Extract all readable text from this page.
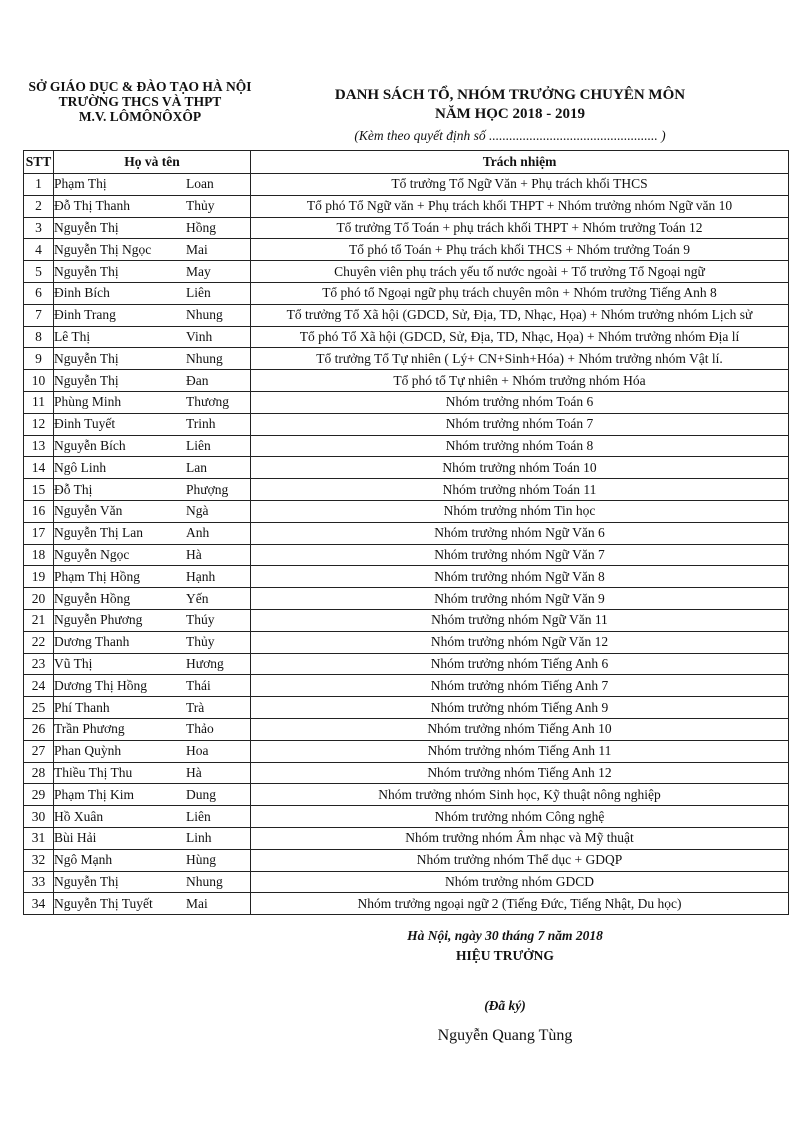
SỞ GIÁO DỤC & ĐÀO TẠO HÀ NỘI
TRƯỜNG THCS VÀ THPT
M.V. LÔMÔNÔXÔP
DANH SÁCH TỔ, NHÓM TRƯỞNG CHUYÊN MÔN
NĂM HỌC 2018 - 2019
(Kèm theo quyết định số .................................................. )
STT	Họ và tên	Trách nhiệm
1	Phạm Thị Loan	Tổ trưởng Tổ Ngữ Văn + Phụ trách khối THCS
2	Đỗ Thị Thanh Thủy	Tổ phó Tổ Ngữ văn + Phụ trách khối THPT + Nhóm trưởng nhóm Ngữ văn 10
3	Nguyễn Thị Hồng	Tổ trưởng Tổ Toán + phụ trách khối THPT + Nhóm trưởng Toán 12
4	Nguyễn Thị Ngọc Mai	Tổ phó tổ Toán + Phụ trách khối THCS + Nhóm trưởng Toán 9
5	Nguyễn Thị May	Chuyên viên phụ trách yếu tố nước ngoài + Tổ trưởng Tổ Ngoại ngữ
6	Đinh Bích Liên	Tổ phó tổ Ngoại ngữ phụ trách chuyên môn + Nhóm trưởng Tiếng Anh 8
7	Đinh Trang Nhung	Tổ trưởng Tổ Xã hội (GDCD, Sử, Địa, TD, Nhạc, Họa) + Nhóm trưởng nhóm Lịch sử
8	Lê Thị Vinh	Tổ phó Tổ Xã hội (GDCD, Sử, Địa, TD, Nhạc, Họa) + Nhóm trưởng nhóm Địa lí
9	Nguyễn Thị Nhung	Tổ trưởng Tổ Tự nhiên ( Lý+ CN+Sinh+Hóa) + Nhóm trưởng nhóm Vật lí.
10	Nguyễn Thị Đan	Tổ phó tổ Tự nhiên + Nhóm trưởng nhóm Hóa
11	Phùng Minh Thương	Nhóm trưởng nhóm Toán 6
12	Đinh Tuyết Trinh	Nhóm trưởng nhóm Toán 7
13	Nguyễn Bích Liên	Nhóm trưởng nhóm Toán 8
14	Ngô Linh Lan	Nhóm trưởng nhóm Toán 10
15	Đỗ Thị Phượng	Nhóm trưởng nhóm Toán 11
16	Nguyễn Văn Ngà	Nhóm trưởng nhóm Tin học
17	Nguyễn Thị Lan Anh	Nhóm trưởng nhóm Ngữ Văn 6
18	Nguyễn Ngọc Hà	Nhóm trưởng nhóm Ngữ Văn 7
19	Phạm Thị Hồng Hạnh	Nhóm trưởng nhóm Ngữ Văn 8
20	Nguyễn Hồng Yến	Nhóm trưởng nhóm Ngữ Văn 9
21	Nguyễn Phương Thúy	Nhóm trưởng nhóm Ngữ Văn 11
22	Dương Thanh Thủy	Nhóm trưởng nhóm Ngữ Văn 12
23	Vũ Thị Hương	Nhóm trưởng nhóm Tiếng Anh 6
24	Dương Thị Hồng Thái	Nhóm trưởng nhóm Tiếng Anh 7
25	Phí Thanh Trà	Nhóm trưởng nhóm Tiếng Anh 9
26	Trần Phương Thảo	Nhóm trưởng nhóm Tiếng Anh 10
27	Phan Quỳnh Hoa	Nhóm trưởng nhóm Tiếng Anh 11
28	Thiều Thị Thu Hà	Nhóm trưởng nhóm Tiếng Anh 12
29	Phạm Thị Kim Dung	Nhóm trưởng nhóm Sinh học, Kỹ thuật nông nghiệp
30	Hồ Xuân Liên	Nhóm trưởng nhóm Công nghệ
31	Bùi Hải Linh	Nhóm trưởng nhóm Âm nhạc và Mỹ thuật
32	Ngô Mạnh Hùng	Nhóm trưởng nhóm Thể dục + GDQP
33	Nguyễn Thị Nhung	Nhóm trưởng nhóm GDCD
34	Nguyễn Thị Tuyết Mai	Nhóm trưởng ngoại ngữ 2 (Tiếng Đức, Tiếng Nhật, Du học)
Hà Nội, ngày 30 tháng 7 năm 2018
HIỆU TRƯỞNG
(Đã ký)
Nguyễn Quang Tùng
